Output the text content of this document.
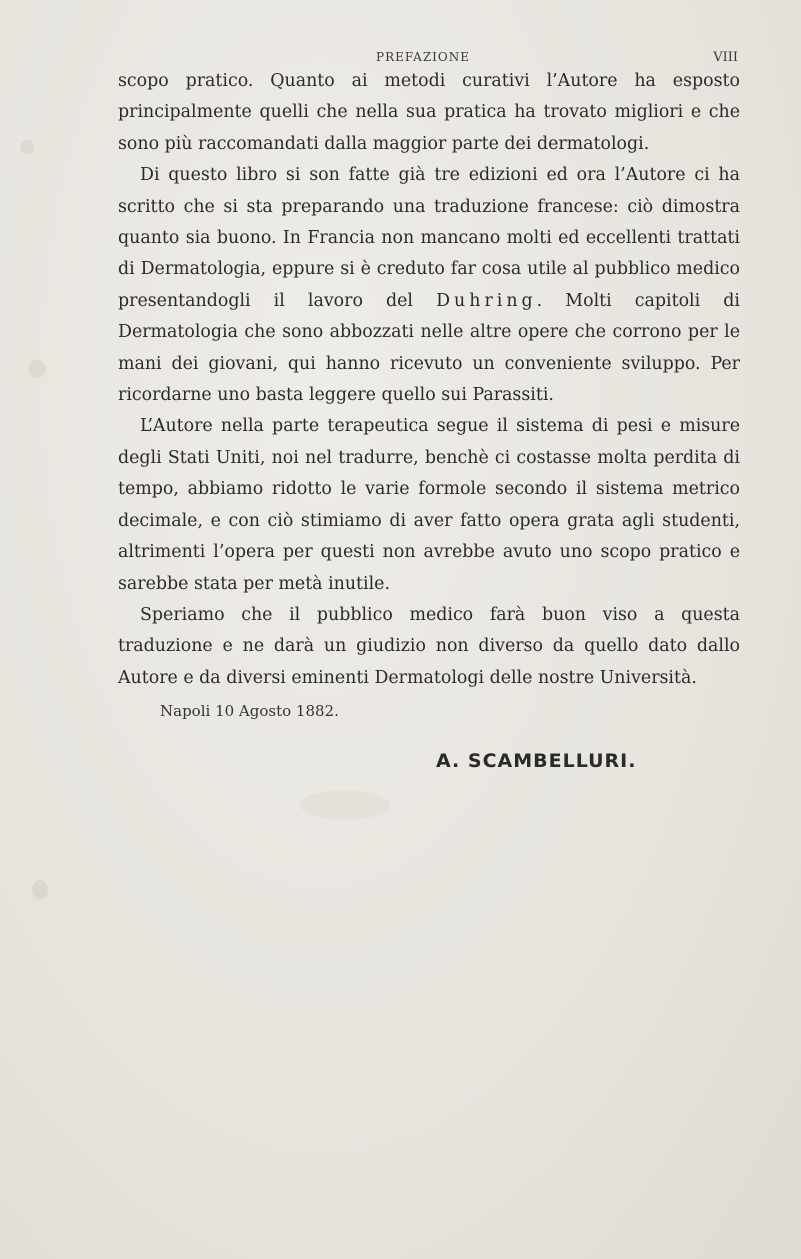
PREFAZIONE	VIII

scopo pratico. Quanto ai metodi curativi l’Autore ha esposto principalmente quelli che nella sua pratica ha trovato migliori e che sono più raccomandati dalla maggior parte dei dermatologi.

Di questo libro si son fatte già tre edizioni ed ora l’Autore ci ha scritto che si sta preparando una traduzione francese: ciò dimostra quanto sia buono. In Francia non mancano molti ed eccellenti trattati di Dermatologia, eppure si è creduto far cosa utile al pubblico medico presentandogli il lavoro del Duhring. Molti capitoli di Dermatologia che sono abbozzati nelle altre opere che corrono per le mani dei giovani, qui hanno ricevuto un conveniente sviluppo. Per ricordarne uno basta leggere quello sui Parassiti.

L’Autore nella parte terapeutica segue il sistema di pesi e misure degli Stati Uniti, noi nel tradurre, benchè ci costasse molta perdita di tempo, abbiamo ridotto le varie formole secondo il sistema metrico decimale, e con ciò stimiamo di aver fatto opera grata agli studenti, altrimenti l’opera per questi non avrebbe avuto uno scopo pratico e sarebbe stata per metà inutile.

Speriamo che il pubblico medico farà buon viso a questa traduzione e ne darà un giudizio non diverso da quello dato dallo Autore e da diversi eminenti Dermatologi delle nostre Università.

Napoli 10 Agosto 1882.
A. SCAMBELLURI.
